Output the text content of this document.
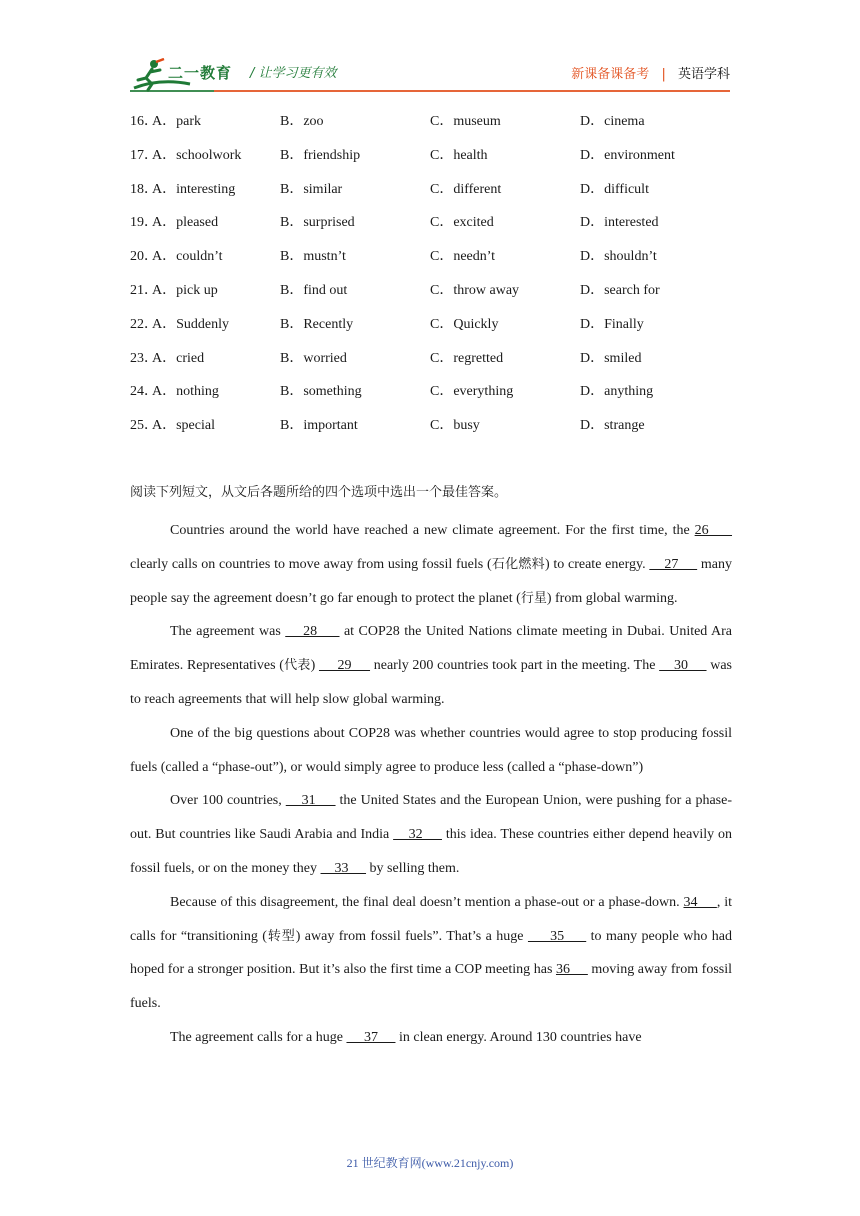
二一教育 / 让学习更有效	新课备课备考 | 英语学科
16．
A．park	B．zoo	C．museum	D．cinema
17．
A．schoolwork	B．friendship	C．health	D．environment
18．
A．interesting	B．similar	C．different	D．difficult
19．
A．pleased	B．surprised	C．excited	D．interested
20．
A．couldn’t	B．mustn’t	C．needn’t	D．shouldn’t
21．
A．pick up	B．find out	C．throw away	D．search for
22．
A．Suddenly	B．Recently	C．Quickly	D．Finally
23．
A．cried	B．worried	C．regretted	D．smiled
24．
A．nothing	B．something	C．everything	D．anything
25．
A．special	B．important	C．busy	D．strange
阅读下列短文，从文后各题所给的四个选项中选出一个最佳答案。

Countries around the world have reached a new climate agreement. For the first time, the 26      clearly calls on countries to move away from using fossil fuels (石化燃料) to create energy.     27      many people say the agreement doesn’t go far enough to protect the planet (行星) from global warming.

The agreement was     28      at COP28 the United Nations climate meeting in Dubai. United Ara Emirates. Representatives (代表)      29      nearly 200 countries took part in the meeting. The     30      was to reach agreements that will help slow global warming.

One of the big questions about COP28 was whether countries would agree to stop producing fossil fuels (called a “phase-out”), or would simply agree to produce less (called a “phase-down”)

Over 100 countries,     31      the United States and the European Union, were pushing for a phase-out. But countries like Saudi Arabia and India     32      this idea. These countries either depend heavily on fossil fuels, or on the money they     33      by selling them.

Because of this disagreement, the final deal doesn’t mention a phase-out or a phase-down. 34     , it calls for “transitioning (转型) away from fossil fuels”. That’s a huge      35      to many people who had hoped for a stronger position. But it’s also the first time a COP meeting has 36      moving away from fossil fuels.

The agreement calls for a huge      37      in clean energy. Around 130 countries have

21 世纪教育网(www.21cnjy.com)
